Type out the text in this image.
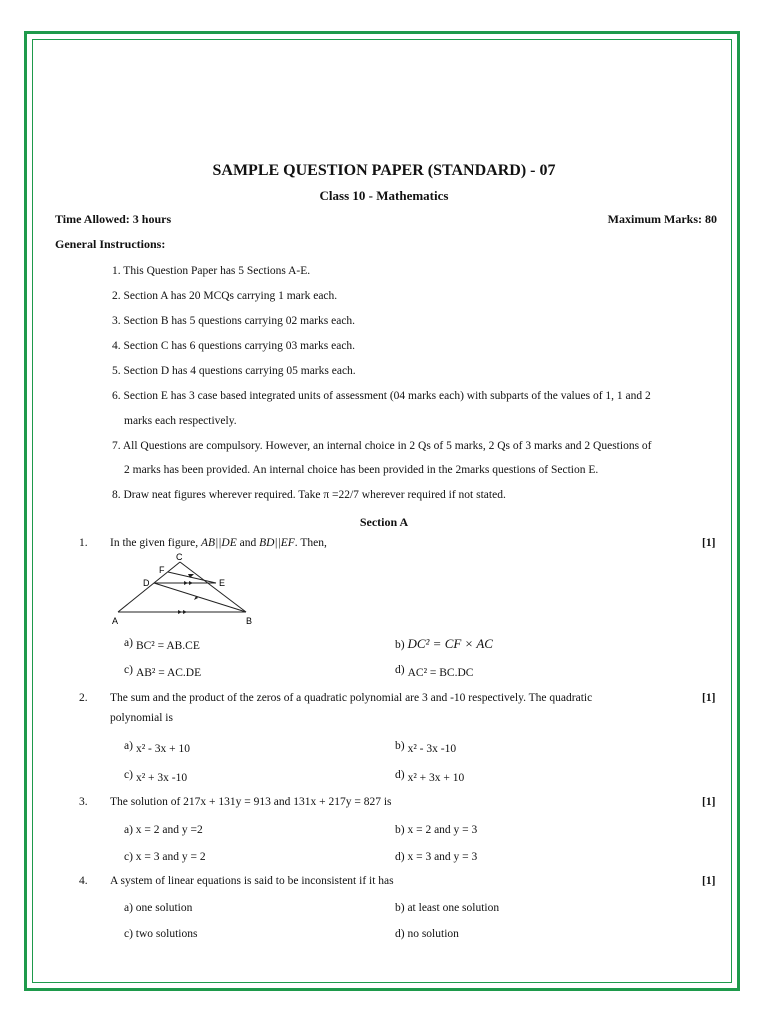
SAMPLE QUESTION PAPER (STANDARD) - 07
Class 10 - Mathematics
Time Allowed: 3 hours	Maximum Marks: 80
General Instructions:
1. This Question Paper has 5 Sections A-E.
2. Section A has 20 MCQs carrying 1 mark each.
3. Section B has 5 questions carrying 02 marks each.
4. Section C has 6 questions carrying 03 marks each.
5. Section D has 4 questions carrying 05 marks each.
6. Section E has 3 case based integrated units of assessment (04 marks each) with subparts of the values of 1, 1 and 2
marks each respectively.
7. All Questions are compulsory. However, an internal choice in 2 Qs of 5 marks, 2 Qs of 3 marks and 2 Questions of
2 marks has been provided. An internal choice has been provided in the 2marks questions of Section E.
8. Draw neat figures wherever required. Take π =22/7 wherever required if not stated.
Section A
1. In the given figure, AB||DE and BD||EF. Then,	[1]
C
F
D	E
A	B
a) BC² = AB.CE	b) DC² = CF × AC
c) AB² = AC.DE	d) AC² = BC.DC
2. The sum and the product of the zeros of a quadratic polynomial are 3 and -10 respectively. The quadratic
polynomial is
[1]
a) x² - 3x + 10	b) x² - 3x -10
c) x² + 3x -10	d) x² + 3x + 10
3. The solution of 217x + 131y = 913 and 131x + 217y = 827 is	[1]
a) x = 2 and y =2	b) x = 2 and y = 3
c) x = 3 and y = 2	d) x = 3 and y = 3
4. A system of linear equations is said to be inconsistent if it has	[1]
a) one solution	b) at least one solution
c) two solutions	d) no solution
